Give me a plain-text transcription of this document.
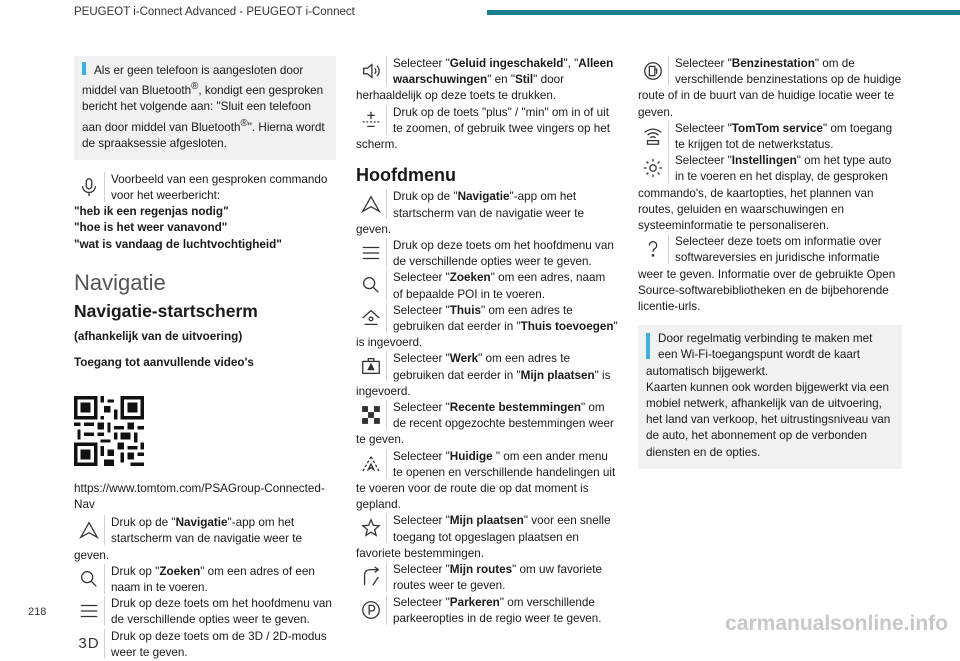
PEUGEOT i-Connect Advanced - PEUGEOT i-Connect
Als er geen telefoon is aangesloten door middel van Bluetooth®, kondigt een gesproken bericht het volgende aan: "Sluit een telefoon aan door middel van Bluetooth®". Hierna wordt de spraaksessie afgesloten.
Voorbeeld van een gesproken commando voor het weerbericht:
"heb ik een regenjas nodig"
"hoe is het weer vanavond"
"wat is vandaag de luchtvochtigheid"
Navigatie
Navigatie-startscherm
(afhankelijk van de uitvoering)
Toegang tot aanvullende video's
https://www.tomtom.com/PSAGroup-Connected-Nav
Druk op de "Navigatie"-app om het startscherm van de navigatie weer te geven.
Druk op "Zoeken" om een adres of een naam in te voeren.
Druk op deze toets om het hoofdmenu van de verschillende opties weer te geven.
3D Druk op deze toets om de 3D / 2D-modus weer te geven.
Selecteer "Geluid ingeschakeld", "Alleen waarschuwingen" en "Stil" door herhaaldelijk op deze toets te drukken.
Druk op de toets "plus" / "min" om in of uit te zoomen, of gebruik twee vingers op het scherm.
Hoofdmenu
Druk op de "Navigatie"-app om het startscherm van de navigatie weer te geven.
Druk op deze toets om het hoofdmenu van de verschillende opties weer te geven.
Selecteer "Zoeken" om een adres, naam of bepaalde POI in te voeren.
Selecteer "Thuis" om een adres te gebruiken dat eerder in "Thuis toevoegen" is ingevoerd.
Selecteer "Werk" om een adres te gebruiken dat eerder in "Mijn plaatsen" is ingevoerd.
Selecteer "Recente bestemmingen" om de recent opgezochte bestemmingen weer te geven.
Selecteer "Huidige " om een ander menu te openen en verschillende handelingen uit te voeren voor de route die op dat moment is gepland.
Selecteer "Mijn plaatsen" voor een snelle toegang tot opgeslagen plaatsen en favoriete bestemmingen.
Selecteer "Mijn routes" om uw favoriete routes weer te geven.
Selecteer "Parkeren" om verschillende parkeeropties in de regio weer te geven.
Selecteer "Benzinestation" om de verschillende benzinestations op de huidige route of in de buurt van de huidige locatie weer te geven.
Selecteer "TomTom service" om toegang te krijgen tot de netwerkstatus.
Selecteer "Instellingen" om het type auto in te voeren en het display, de gesproken commando's, de kaartopties, het plannen van routes, geluiden en waarschuwingen en systeeminformatie te personaliseren.
Selecteer deze toets om informatie over softwareversies en juridische informatie weer te geven. Informatie over de gebruikte Open Source-softwarebibliotheken en de bijbehorende licentie-urls.
Door regelmatig verbinding te maken met een Wi-Fi-toegangspunt wordt de kaart automatisch bijgewerkt.
Kaarten kunnen ook worden bijgewerkt via een mobiel netwerk, afhankelijk van de uitvoering, het land van verkoop, het uitrustingsniveau van de auto, het abonnement op de verbonden diensten en de opties.
218	carmanualsonline.info
